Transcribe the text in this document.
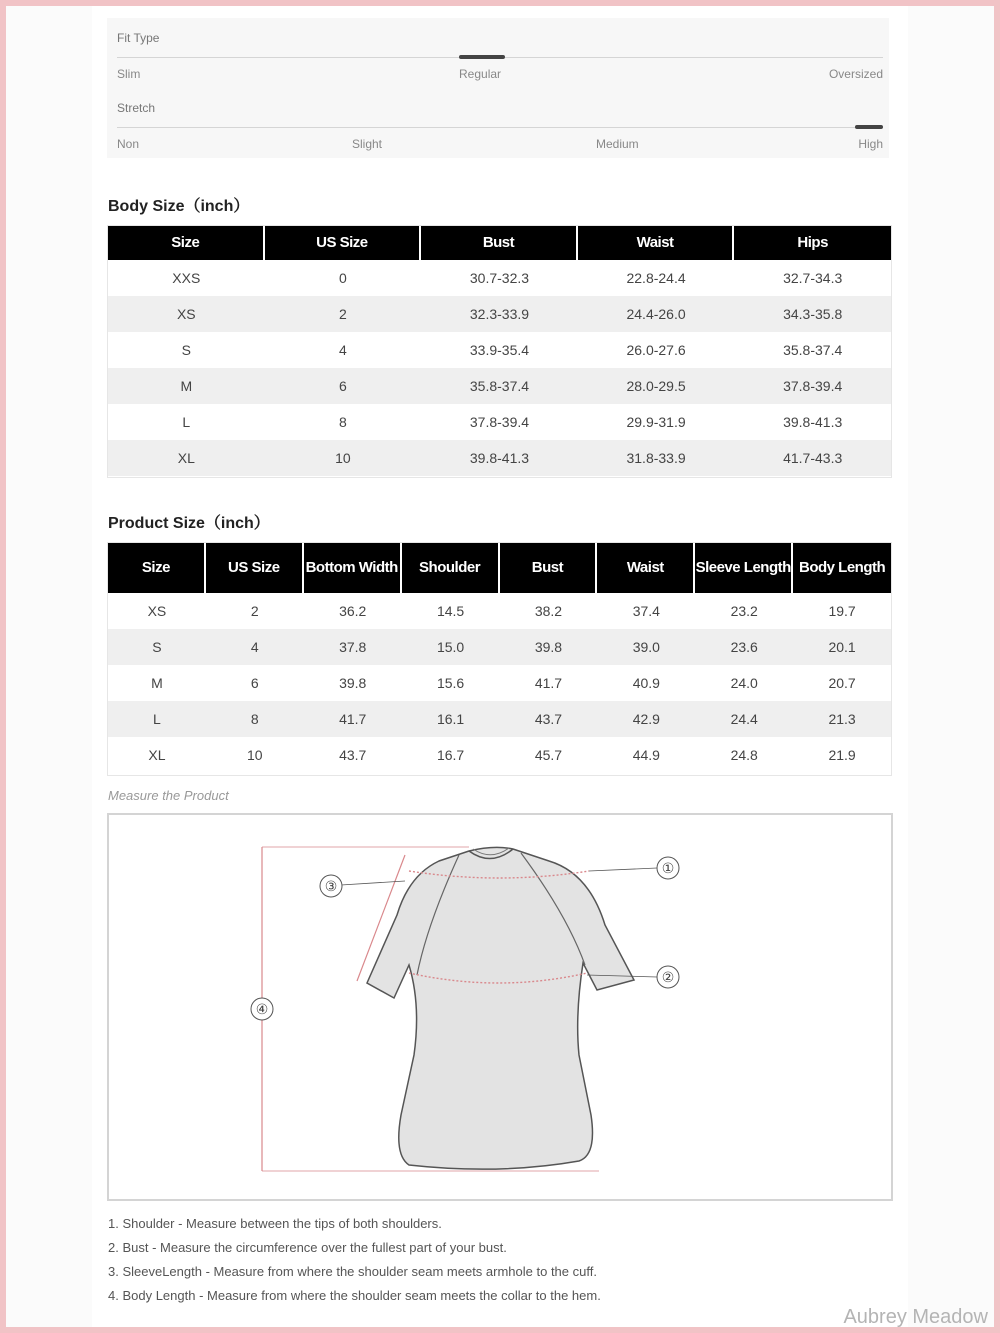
Fit Type
Slim	Regular	Oversized
Stretch
Non	Slight	Medium	High
Body Size（inch）
Size	US Size	Bust	Waist	Hips
XXS	0	30.7-32.3	22.8-24.4	32.7-34.3
XS	2	32.3-33.9	24.4-26.0	34.3-35.8
S	4	33.9-35.4	26.0-27.6	35.8-37.4
M	6	35.8-37.4	28.0-29.5	37.8-39.4
L	8	37.8-39.4	29.9-31.9	39.8-41.3
XL	10	39.8-41.3	31.8-33.9	41.7-43.3
Product Size（inch）
Size	US Size	Bottom Width	Shoulder	Bust	Waist	Sleeve Length	Body Length
XS	2	36.2	14.5	38.2	37.4	23.2	19.7
S	4	37.8	15.0	39.8	39.0	23.6	20.1
M	6	39.8	15.6	41.7	40.9	24.0	20.7
L	8	41.7	16.1	43.7	42.9	24.4	21.3
XL	10	43.7	16.7	45.7	44.9	24.8	21.9
Measure the Product
①
②
③
④
1. Shoulder - Measure between the tips of both shoulders.
2. Bust - Measure the circumference over the fullest part of your bust.
3. SleeveLength - Measure from where the shoulder seam meets armhole to the cuff.
4. Body Length - Measure from where the shoulder seam meets the collar to the hem.
Aubrey Meadow
